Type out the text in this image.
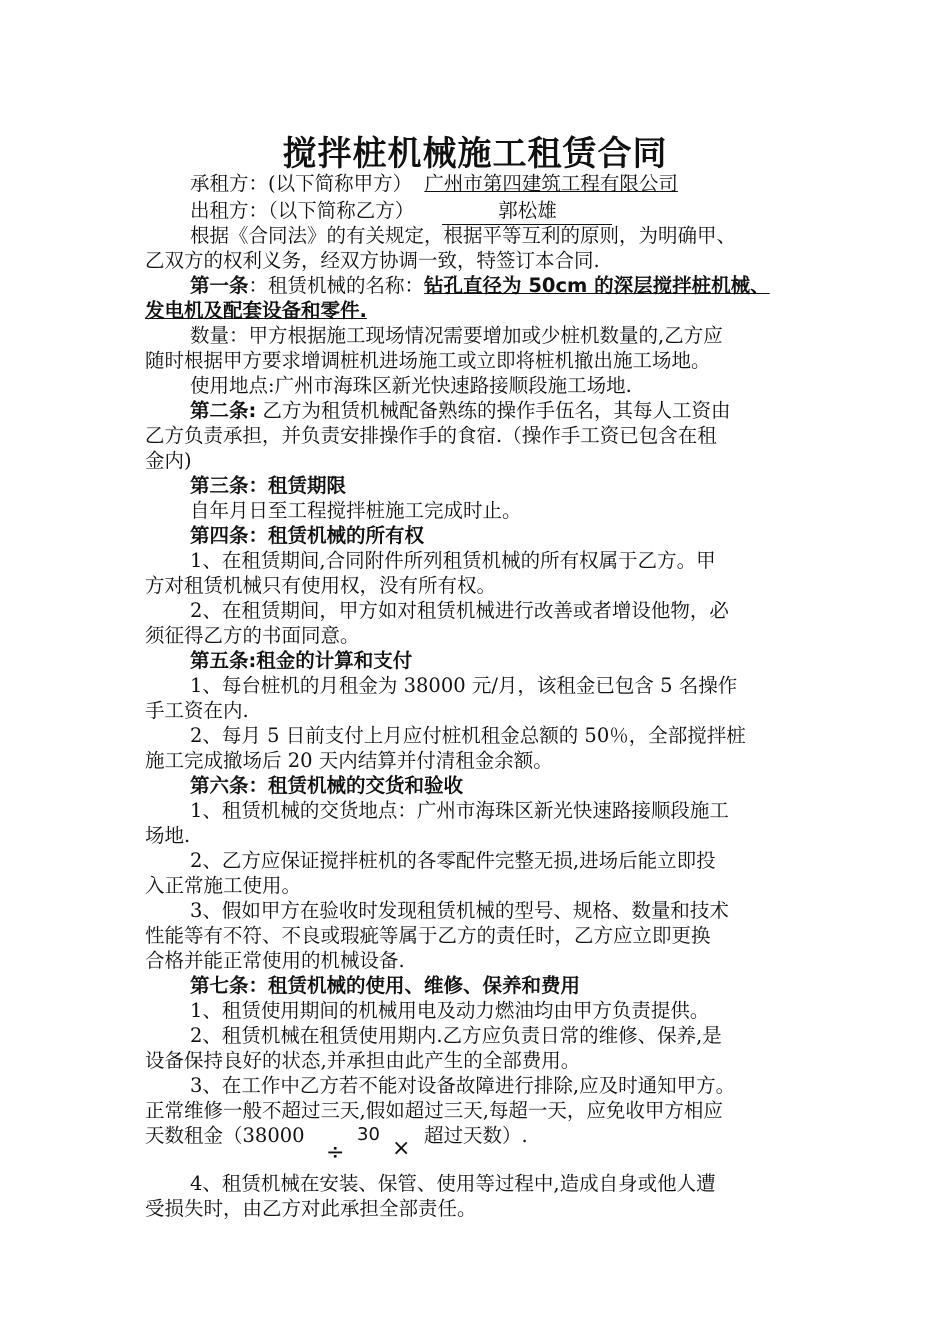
搅拌桩机械施工租赁合同
承租方：(以下简称甲方） 广州市第四建筑工程有限公司
出租方：（以下简称乙方）	郭松雄
根据《合同法》的有关规定，根据平等互利的原则，为明确甲、
乙双方的权利义务，经双方协调一致，特签订本合同.
第一条：租赁机械的名称：钻孔直径为 50cm 的深层搅拌桩机械、
发电机及配套设备和零件.
数量：甲方根据施工现场情况需要增加或少桩机数量的,乙方应
随时根据甲方要求增调桩机进场施工或立即将桩机撤出施工场地。
使用地点:广州市海珠区新光快速路接顺段施工场地.
第二条: 乙方为租赁机械配备熟练的操作手伍名，其每人工资由
乙方负责承担，并负责安排操作手的食宿.（操作手工资已包含在租
金内)
第三条：租赁期限
自年月日至工程搅拌桩施工完成时止。
第四条：租赁机械的所有权
1、在租赁期间,合同附件所列租赁机械的所有权属于乙方。甲
方对租赁机械只有使用权，没有所有权。
2、在租赁期间，甲方如对租赁机械进行改善或者增设他物，必
须征得乙方的书面同意。
第五条:租金的计算和支付
1、每台桩机的月租金为 38000 元/月，该租金已包含 5 名操作
手工资在内.
2、每月 5 日前支付上月应付桩机租金总额的 50％，全部搅拌桩
施工完成撤场后 20 天内结算并付清租金余额。
第六条：租赁机械的交货和验收
1、租赁机械的交货地点：广州市海珠区新光快速路接顺段施工
场地.
2、乙方应保证搅拌桩机的各零配件完整无损,进场后能立即投
入正常施工使用。
3、假如甲方在验收时发现租赁机械的型号、规格、数量和技术
性能等有不符、不良或瑕疵等属于乙方的责任时，乙方应立即更换
合格并能正常使用的机械设备.
第七条：租赁机械的使用、维修、保养和费用
1、租赁使用期间的机械用电及动力燃油均由甲方负责提供。
2、租赁机械在租赁使用期内.乙方应负责日常的维修、保养,是
设备保持良好的状态,并承担由此产生的全部费用。
3、在工作中乙方若不能对设备故障进行排除,应及时通知甲方。
正常维修一般不超过三天,假如超过三天,每超一天，应免收甲方相应
天数租金（38000
÷
30
×
超过天数）.
4、租赁机械在安装、保管、使用等过程中,造成自身或他人遭
受损失时，由乙方对此承担全部责任。
